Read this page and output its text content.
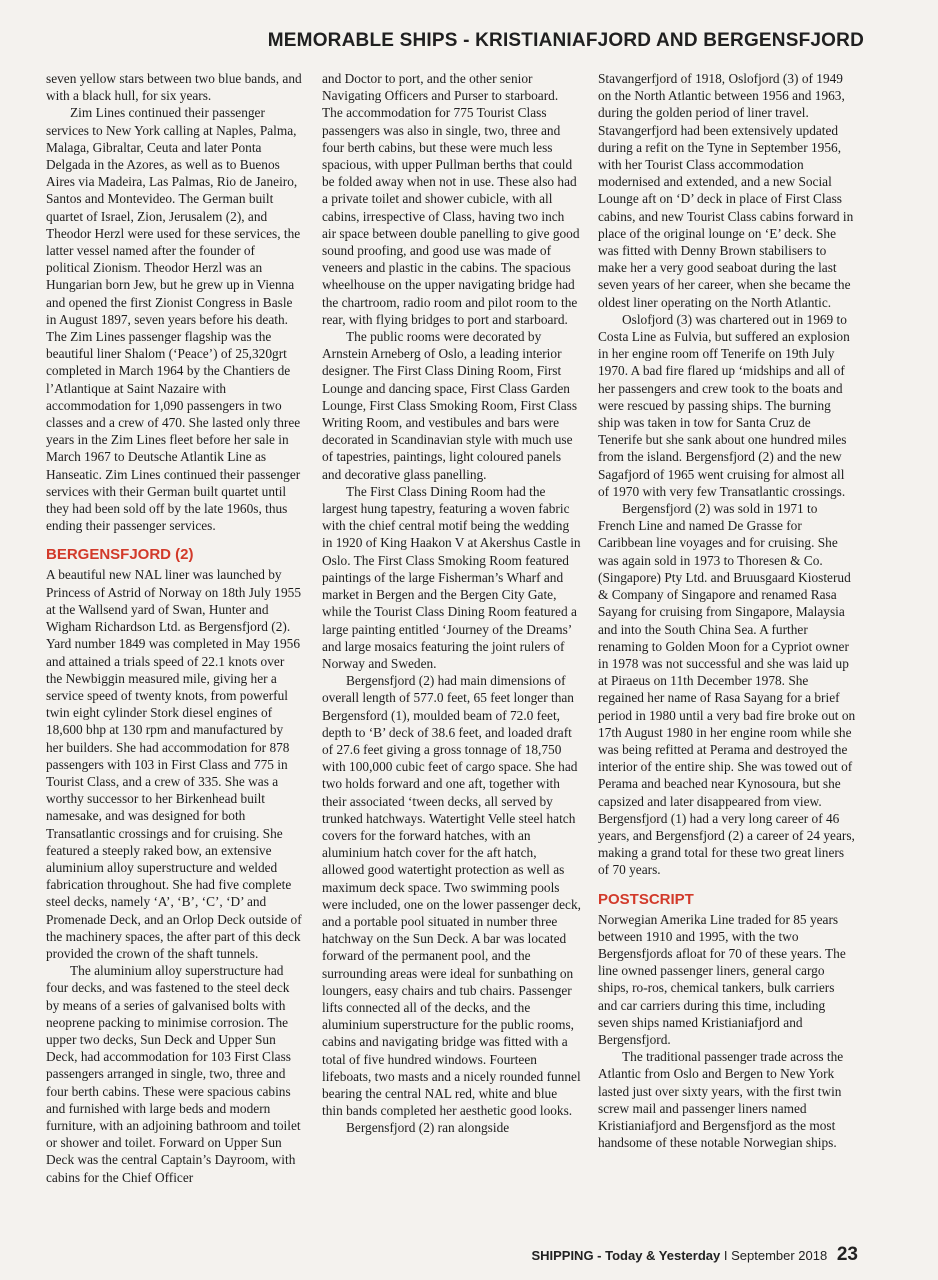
MEMORABLE SHIPS - KRISTIANIAFJORD AND BERGENSFJORD

seven yellow stars between two blue bands, and with a black hull, for six years.

Zim Lines continued their passenger services to New York calling at Naples, Palma, Malaga, Gibraltar, Ceuta and later Ponta Delgada in the Azores, as well as to Buenos Aires via Madeira, Las Palmas, Rio de Janeiro, Santos and Montevideo. The German built quartet of Israel, Zion, Jerusalem (2), and Theodor Herzl were used for these services, the latter vessel named after the founder of political Zionism. Theodor Herzl was an Hungarian born Jew, but he grew up in Vienna and opened the first Zionist Congress in Basle in August 1897, seven years before his death. The Zim Lines passenger flagship was the beautiful liner Shalom (‘Peace’) of 25,320grt completed in March 1964 by the Chantiers de l’Atlantique at Saint Nazaire with accommodation for 1,090 passengers in two classes and a crew of 470. She lasted only three years in the Zim Lines fleet before her sale in March 1967 to Deutsche Atlantik Line as Hanseatic. Zim Lines continued their passenger services with their German built quartet until they had been sold off by the late 1960s, thus ending their passenger services.

BERGENSFJORD (2)

A beautiful new NAL liner was launched by Princess of Astrid of Norway on 18th July 1955 at the Wallsend yard of Swan, Hunter and Wigham Richardson Ltd. as Bergensfjord (2). Yard number 1849 was completed in May 1956 and attained a trials speed of 22.1 knots over the Newbiggin measured mile, giving her a service speed of twenty knots, from powerful twin eight cylinder Stork diesel engines of 18,600 bhp at 130 rpm and manufactured by her builders. She had accommodation for 878 passengers with 103 in First Class and 775 in Tourist Class, and a crew of 335. She was a worthy successor to her Birkenhead built namesake, and was designed for both Transatlantic crossings and for cruising. She featured a steeply raked bow, an extensive aluminium alloy superstructure and welded fabrication throughout. She had five complete steel decks, namely ‘A’, ‘B’, ‘C’, ‘D’ and Promenade Deck, and an Orlop Deck outside of the machinery spaces, the after part of this deck provided the crown of the shaft tunnels.

The aluminium alloy superstructure had four decks, and was fastened to the steel deck by means of a series of galvanised bolts with neoprene packing to minimise corrosion. The upper two decks, Sun Deck and Upper Sun Deck, had accommodation for 103 First Class passengers arranged in single, two, three and four berth cabins. These were spacious cabins and furnished with large beds and modern furniture, with an adjoining bathroom and toilet or shower and toilet. Forward on Upper Sun Deck was the central Captain’s Dayroom, with cabins for the Chief Officer

and Doctor to port, and the other senior Navigating Officers and Purser to starboard. The accommodation for 775 Tourist Class passengers was also in single, two, three and four berth cabins, but these were much less spacious, with upper Pullman berths that could be folded away when not in use. These also had a private toilet and shower cubicle, with all cabins, irrespective of Class, having two inch air space between double panelling to give good sound proofing, and good use was made of veneers and plastic in the cabins. The spacious wheelhouse on the upper navigating bridge had the chartroom, radio room and pilot room to the rear, with flying bridges to port and starboard.

The public rooms were decorated by Arnstein Arneberg of Oslo, a leading interior designer. The First Class Dining Room, First Lounge and dancing space, First Class Garden Lounge, First Class Smoking Room, First Class Writing Room, and vestibules and bars were decorated in Scandinavian style with much use of tapestries, paintings, light coloured panels and decorative glass panelling.

The First Class Dining Room had the largest hung tapestry, featuring a woven fabric with the chief central motif being the wedding in 1920 of King Haakon V at Akershus Castle in Oslo. The First Class Smoking Room featured paintings of the large Fisherman’s Wharf and market in Bergen and the Bergen City Gate, while the Tourist Class Dining Room featured a large painting entitled ‘Journey of the Dreams’ and large mosaics featuring the joint rulers of Norway and Sweden.

Bergensfjord (2) had main dimensions of overall length of 577.0 feet, 65 feet longer than Bergensford (1), moulded beam of 72.0 feet, depth to ‘B’ deck of 38.6 feet, and loaded draft of 27.6 feet giving a gross tonnage of 18,750 with 100,000 cubic feet of cargo space. She had two holds forward and one aft, together with their associated ‘tween decks, all served by trunked hatchways. Watertight Velle steel hatch covers for the forward hatches, with an aluminium hatch cover for the aft hatch, allowed good watertight protection as well as maximum deck space. Two swimming pools were included, one on the lower passenger deck, and a portable pool situated in number three hatchway on the Sun Deck. A bar was located forward of the permanent pool, and the surrounding areas were ideal for sunbathing on loungers, easy chairs and tub chairs. Passenger lifts connected all of the decks, and the aluminium superstructure for the public rooms, cabins and navigating bridge was fitted with a total of five hundred windows. Fourteen lifeboats, two masts and a nicely rounded funnel bearing the central NAL red, white and blue thin bands completed her aesthetic good looks.

Bergensfjord (2) ran alongside

Stavangerfjord of 1918, Oslofjord (3) of 1949 on the North Atlantic between 1956 and 1963, during the golden period of liner travel. Stavangerfjord had been extensively updated during a refit on the Tyne in September 1956, with her Tourist Class accommodation modernised and extended, and a new Social Lounge aft on ‘D’ deck in place of First Class cabins, and new Tourist Class cabins forward in place of the original lounge on ‘E’ deck. She was fitted with Denny Brown stabilisers to make her a very good seaboat during the last seven years of her career, when she became the oldest liner operating on the North Atlantic.

Oslofjord (3) was chartered out in 1969 to Costa Line as Fulvia, but suffered an explosion in her engine room off Tenerife on 19th July 1970. A bad fire flared up ‘midships and all of her passengers and crew took to the boats and were rescued by passing ships. The burning ship was taken in tow for Santa Cruz de Tenerife but she sank about one hundred miles from the island. Bergensfjord (2) and the new Sagafjord of 1965 went cruising for almost all of 1970 with very few Transatlantic crossings.

Bergensfjord (2) was sold in 1971 to French Line and named De Grasse for Caribbean line voyages and for cruising. She was again sold in 1973 to Thoresen & Co.(Singapore) Pty Ltd. and Bruusgaard Kiosterud & Company of Singapore and renamed Rasa Sayang for cruising from Singapore, Malaysia and into the South China Sea. A further renaming to Golden Moon for a Cypriot owner in 1978 was not successful and she was laid up at Piraeus on 11th December 1978. She regained her name of Rasa Sayang for a brief period in 1980 until a very bad fire broke out on 17th August 1980 in her engine room while she was being refitted at Perama and destroyed the interior of the entire ship. She was towed out of Perama and beached near Kynosoura, but she capsized and later disappeared from view. Bergensfjord (1) had a very long career of 46 years, and Bergensfjord (2) a career of 24 years, making a grand total for these two great liners of 70 years.

POSTSCRIPT

Norwegian Amerika Line traded for 85 years between 1910 and 1995, with the two Bergensfjords afloat for 70 of these years. The line owned passenger liners, general cargo ships, ro-ros, chemical tankers, bulk carriers and car carriers during this time, including seven ships named Kristianiafjord and Bergensfjord.

The traditional passenger trade across the Atlantic from Oslo and Bergen to New York lasted just over sixty years, with the first twin screw mail and passenger liners named Kristianiafjord and Bergensfjord as the most handsome of these notable Norwegian ships.

SHIPPING - Today & Yesterday I September 2018 23
